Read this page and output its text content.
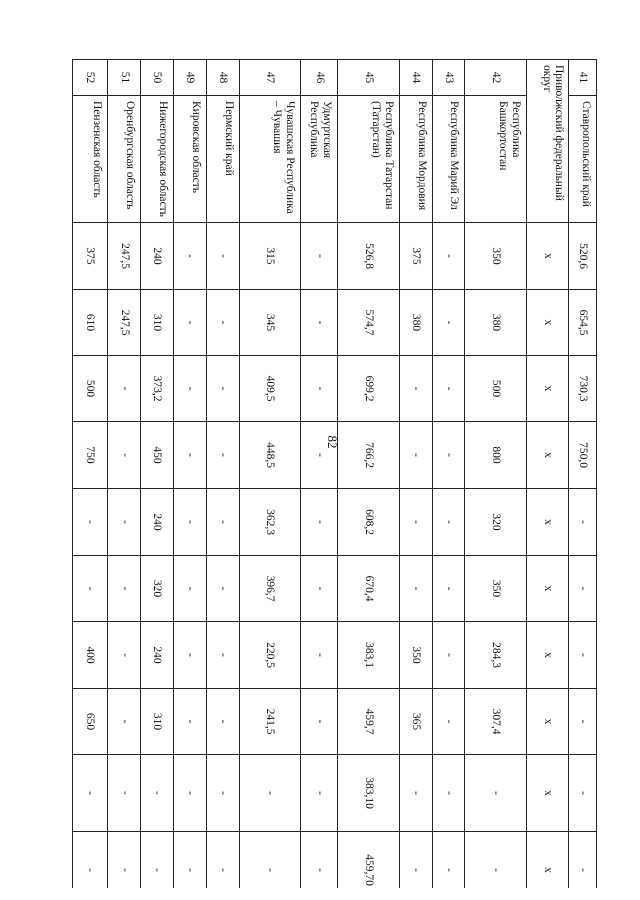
82
41	Ставропольский край	520,6	654,5	730,3	750,0	-	-	-	-	-	-
Приволжский федеральный округ		х	х	х	х	х	х	х	х	х	х
42	Республика Башкортостан	350	380	500	800	320	350	284,3	307,4	-	-
43	Республика Марий Эл	-	-	-	-	-	-	-	-	-	-
44	Республика Мордовия	375	380	-	-	-	-	350	365	-	-
45	Республика Татарстан (Татарстан)	526,8	574,7	699,2	766,2	608,2	670,4	383,1	459,7	383,10	459,70
46	Удмуртская Республика	-	-	-	-	-	-	-	-	-	-
47	Чувашская Республика – Чувашия	315	345	409,5	448,5	362,3	396,7	220,5	241,5	-	-
48	Пермский край	-	-	-	-	-	-	-	-	-	-
49	Кировская область	-	-	-	-	-	-	-	-	-	-
50	Нижегородская область	240	310	373,2	450	240	320	240	310	-	-
51	Оренбургская область	247,5	247,5	-	-	-	-	-	-	-	-
52	Пензенская область	375	610	500	750	-	-	400	650	-	-
